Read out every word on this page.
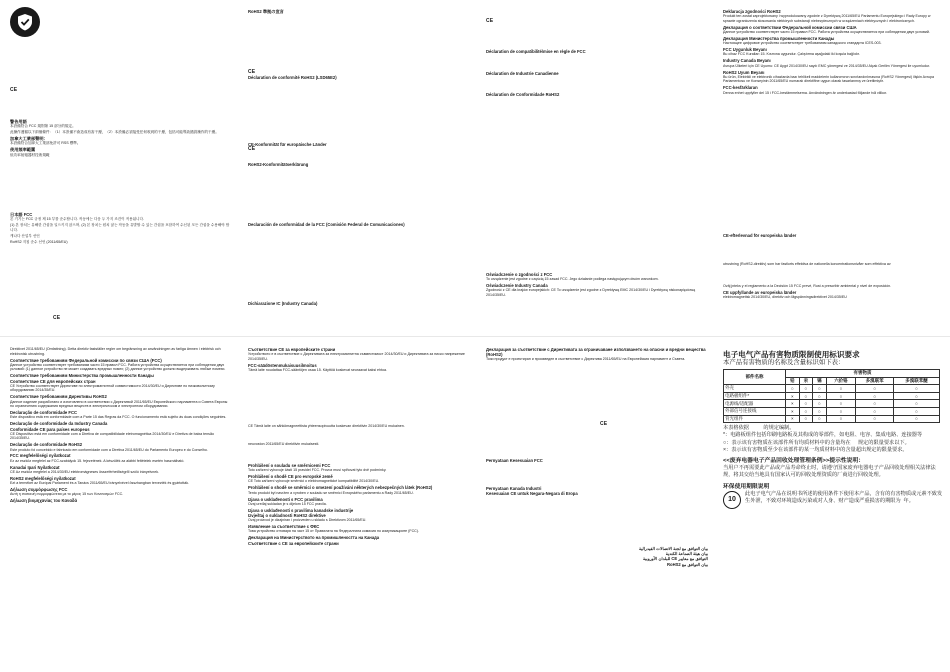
CE
警告用語

本設備符合 FCC 規則第 15 部分的規定。

此操作遵循以下兩個條件：（1）本設備不會造成有害干擾，（2）本設備必須接受任何收到的干擾，包括可能導致錯誤操作的干擾。

加拿大工業部聲明：

本設備符合加拿大工業部免許可 RSS 標準。

使用頻率範圍

低功率射頻器材技術規範

日本語 FCC

본 기기는 FCC 규정 제 15 부를 준수합니다. 작동에는 다음 두 가지 조건이 적용됩니다.

(1) 본 장치는 유해한 간섭을 일으키지 않으며, (2) 본 장치는 원치 않는 작동을 유발할 수 있는 간섭을 포함하여 수신된 모든 간섭을 수용해야 합니다.

캐나다 산업부 선언

RoHS2 지침 준수 선언 (2011/65/EU)

CE
RoHS2 準拠の宣言
CE
Déclaration de conformité RoHS2 (LSD65E2)
CE-Konformität für europäische Länder
CE
RoHS2-Konformitätserklärung
Declaración de conformidad de la FCC (Comisión Federal de Comunicaciones)
Dichiarazione IC (Industry Canada)
CE
Déclaration de compatibilité/mise en règle de FCC
Déclaration de Industrie Canadienne
Déclaration de Conformidade RoHS2
Oświadczenie o zgodności z FCC

To urządzenie jest zgodne z częścią 15 zasad FCC. Jego działanie podlega następującym dwóm warunkom.

Oświadczenie Industry Canada

Zgodność z CE dla krajów europejskich: CE To urządzenie jest zgodne z Dyrektywą EMC 2014/30/EU i Dyrektywą niskonapięciową 2014/35/EU.

Deklaracja zgodności RoHS2

Produkt ten został zaprojektowany i wyprodukowany zgodnie z Dyrektywą 2011/65/EU Parlamentu Europejskiego i Rady Europy w sprawie ograniczenia stosowania niektórych substancji niebezpiecznych w urządzeniach elektrycznych i elektronicznych.

Декларация о соответствии Федеральной комиссии связи США

Данное устройство соответствует части 15 правил FCC. Работа устройства осуществляется при соблюдении двух условий.

Декларация Министерства промышленности Канады

Настоящее цифровое устройство соответствует требованиям канадского стандарта ICES-003.

FCC Uygunluk Beyanı

Bu cihaz FCC Kuralları 15. Kısmına uygundur. Çalıştırma aşağıdaki iki koşula bağlıdır.

Industry Canada Beyanı

Avrupa Ülkeleri için CE Uyumu: CE Aygıt 2014/30/EU sayılı EMC yönergesi ve 2014/35/EU Alçak Gerilim Yönergesi ile uyumludur.

RoHS2 Uyum Beyanı

Bu ürün, Elektrikli ve elektronik cihazlarda bazı tehlikeli maddelerin kullanımının sınırlandırılmasına (RoHS2 Yönergesi) ilişkin Avrupa Parlamentosu ve Konseyinin 2011/65/EU numaralı direktifine uygun olarak tasarlanmış ve üretilmiştir.

FCC-kesfärklaran

Denna enhet uppfyller del 15 i FCC-bestämmelserna. Användningen är underkastad följande två villkor.

CE-efterlevnad för europeiska länder

utrustning (RoHS2-direktiv) som har fastlorts effektiva de nationella koncentrationsnivåer som effektiva av

Oväj jnteks y el reglamento a la Decisión 15 FCC prevé, Rust a prescribir ambiental y nivel de exposición.

CE uppfyllande av europeiska länder

elektromagnetisk 2014/30/EU, direktiv och lågspänningsdirektivet 2014/35/EU

Direktivet 2011/65/EU (Omfattning). Detta direktiv fastställer regler om begränsning av användningen av farliga ämnen i elektrisk och elektronisk utrustning.

Соответствие требованиям Федеральной комиссии по связи США (FCC)

Данное устройство соответствует требованиям части 15 правил FCC. Работа устройства осуществляется при соблюдении двух условий: (1) данное устройство не может создавать вредных помех; (2) данное устройство должно выдерживать любые помехи.

Соответствие требованиям Министерства промышленности Канады
Соответствие CE для европейских стран

CE Устройство соответствует Директиве по электромагнитной совместимости 2014/30/EU и Директиве по низковольтному оборудованию 2014/35/EU.

Соответствие требованиям Директивы RoHS2

Данное изделие разработано и изготовлено в соответствии с Директивой 2011/65/EU Европейского парламента и Совета Европы по ограничению содержания вредных веществ в электрическом и электронном оборудовании.

Declaração de conformidade FCC

Este dispositivo está em conformidade com a Parte 15 das Regras da FCC. O funcionamento está sujeito às duas condições seguintes.

Declaração de conformidade da Industry Canada
Conformidade CE para países europeus

CE Dispositivo está em conformidade com a Diretiva de compatibilidade eletromagnética 2014/30/EU e Diretiva de baixa tensão 2014/35/EU.

Declaração de conformidade RoHS2

Este produto foi concebido e fabricado em conformidade com a Diretiva 2011/65/EU do Parlamento Europeu e do Conselho.

FCC megfelelőségi nyilatkozat

Ez az eszköz megfelel az FCC-szabályok 15. fejezetének. A készülék az alábbi feltételek esetén használható.

Kanadai Ipari Nyilatkozat

CE Az eszköz megfelel a 2014/30/EU elektromágneses összeférhetőségről szóló irányelvnek.

RoHS2 megfelelőségi nyilatkozat

Ezt a terméket az Európai Parlament és a Tanács 2011/65/EU irányelvével összhangban tervezték és gyártották.

Δήλωση συμμόρφωσης FCC

Αυτή η συσκευή συμμορφώνεται με το μέρος 15 των Κανονισμών FCC.

Δήλωση βιομηχανίας του Καναδά
Съответствие CE за европейските страни

Устройството е в съответствие с Директивата за електромагнитна съвместимост 2014/30/EU и Директивата за ниско напрежение 2014/35/EU.

FCC-säädöstenmukaisuusilmoitus

Tämä laite noudattaa FCC-sääntöjen osaa 15. Käyttöä koskevat seuraavat kaksi ehtoa.

CE Tämä laite on sähkömagneettista yhteensopivuutta koskevan direktiivin 2014/30/EU mukainen.

neuvoston 2011/65/EU direktiivin mukaisesti.

Prohlášení o souladu se směrnicemi FCC

Toto zařízení vyhovuje části 15 pravidel FCC. Provoz musí splňovat tyto dvě podmínky.

Prohlášení o shodě CE pro evropské země

CE Toto zařízení vyhovuje směrnici o elektromagnetické kompatibilitě 2014/30/EU.

Prohlášení o shodě se směrnicí o omezení používání některých nebezpečných látek (RoHS2)

Tento produkt byl navržen a vyroben v souladu se směrnicí Evropského parlamentu a Rady 2011/65/EU.

Izjava o usklađenosti s FCC pravilima

Ovaj uređaj sukladan je s dijelom 15 FCC pravila.

Izjava o usklađenosti s pravilima kanadske industrije
Izvještaj o sukladnosti RoHS2 direktive

Ovaj proizvod je dizajniran i proizveden u skladu s Direktivom 2011/65/EU.

Изявление за съответствие с ФКС

Това устройство отговаря на част 15 от Правилата на Федералната комисия по комуникациите (FCC).

Декларация на Министерството на промишлеността на Канада
Съответствие с CE за европейските страни
Декларация за съответствие с Директивата за ограничаване използването на опасни и вредни вещества (RoHS2)

Този продукт е проектиран и произведен в съответствие с Директива 2011/65/EU на Европейския парламент и Съвета.

CE
Pernyataan Kesesuaian FCC
Pernyataan Kanada Industri
Kesesuaian CE untuk Negara-Negara di Eropa
بيان التوافق مع لجنة الاتصالات الفيدرالية
بيان هيئة الصناعة الكندية
التوافق مع معايير CE للبلدان الأوروبية
بيان التوافق مع RoHS2
电子电气产品有害物质限制使用标识要求
本产品有害物质的名称及含量标识如下表：
部件名称	有害物质					
	铅	汞	镉	六价铬	多溴联苯	多溴联苯醚
外壳	○	○	○	○	○	○
电路板组件*	×	○	○	○	○	○
电源线/适配器	×	○	○	○	○	○
外部信号连接线	×	○	○	○	○	○
背光组件	×	○	○	○	○	○
本表格依据	的规定编制。
*：电路板组件包括印刷电路板及其构成的零部件，如电阻、电容、集成电路、连接器等
○：表示该有害物质在该部件所有均质材料中的含量均在 规定的限量要求以下。
×：表示该有害物质至少在该部件的某一均质材料中的含量超出规定的限量要求。
<<废弃电器电子产品回收处理管理条例>>提示性说明：
当用户不再需要此产品或产品寿命终止时，请遵守国家废弃电器电子产品回收处理相关法律法规，将其交给当地具有国家认可的回收处理资质的厂商进行回收处理。
环保使用期限说明
10
此电子电气产品在说明书所述的使用条件下使用本产品，含有的有害物质或元素不致发生外泄，不致对环境造成污染或对人身、财产造成严重损害的期限为 年。
